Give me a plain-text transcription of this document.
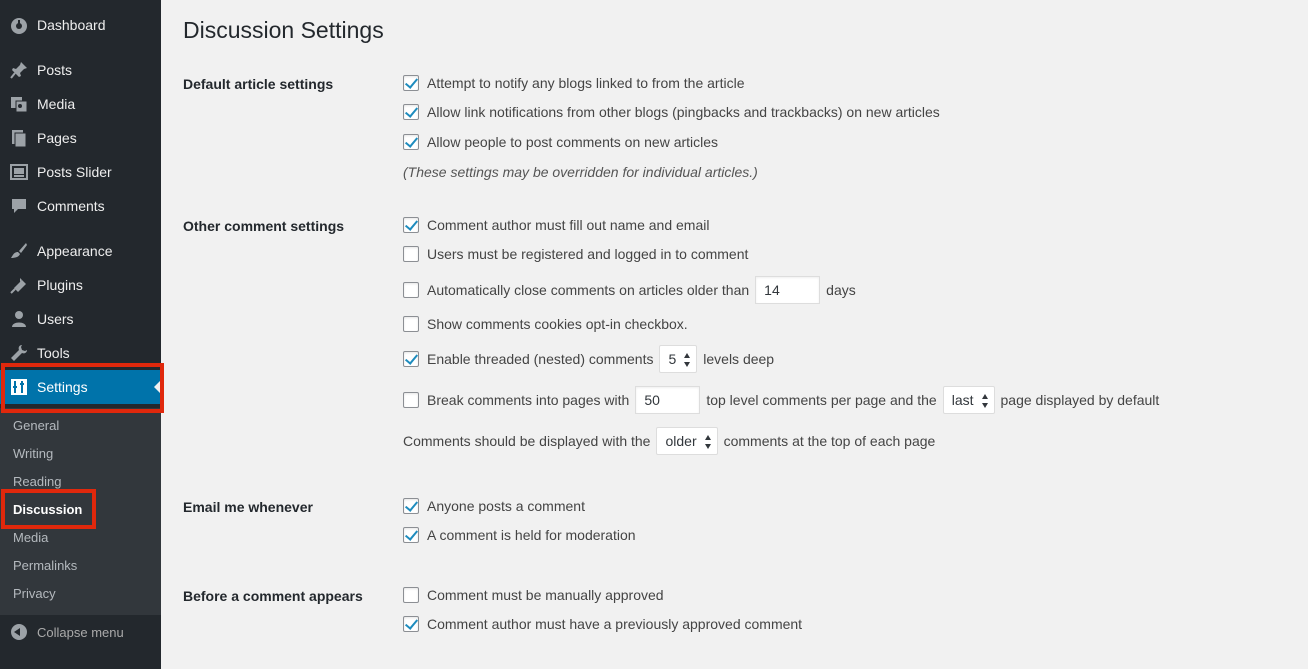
Dashboard
Posts
Media
Pages
Posts Slider
Comments
Appearance
Plugins
Users
Tools
Settings
General
Writing
Reading
Discussion
Media
Permalinks
Privacy
Collapse menu
Discussion Settings
Default article settings	Attempt to notify any blogs linked to from the article
Allow link notifications from other blogs (pingbacks and trackbacks) on new articles
Allow people to post comments on new articles
(These settings may be overridden for individual articles.)
Other comment settings	Comment author must fill out name and email
Users must be registered and logged in to comment
Automatically close comments on articles older than	14	days
Show comments cookies opt-in checkbox.
Enable threaded (nested) comments 5 levels deep
Break comments into pages with	50	top level comments per page and the last page displayed by default
Comments should be displayed with the older comments at the top of each page
Email me whenever	Anyone posts a comment
A comment is held for moderation
Before a comment appears	Comment must be manually approved
Comment author must have a previously approved comment
